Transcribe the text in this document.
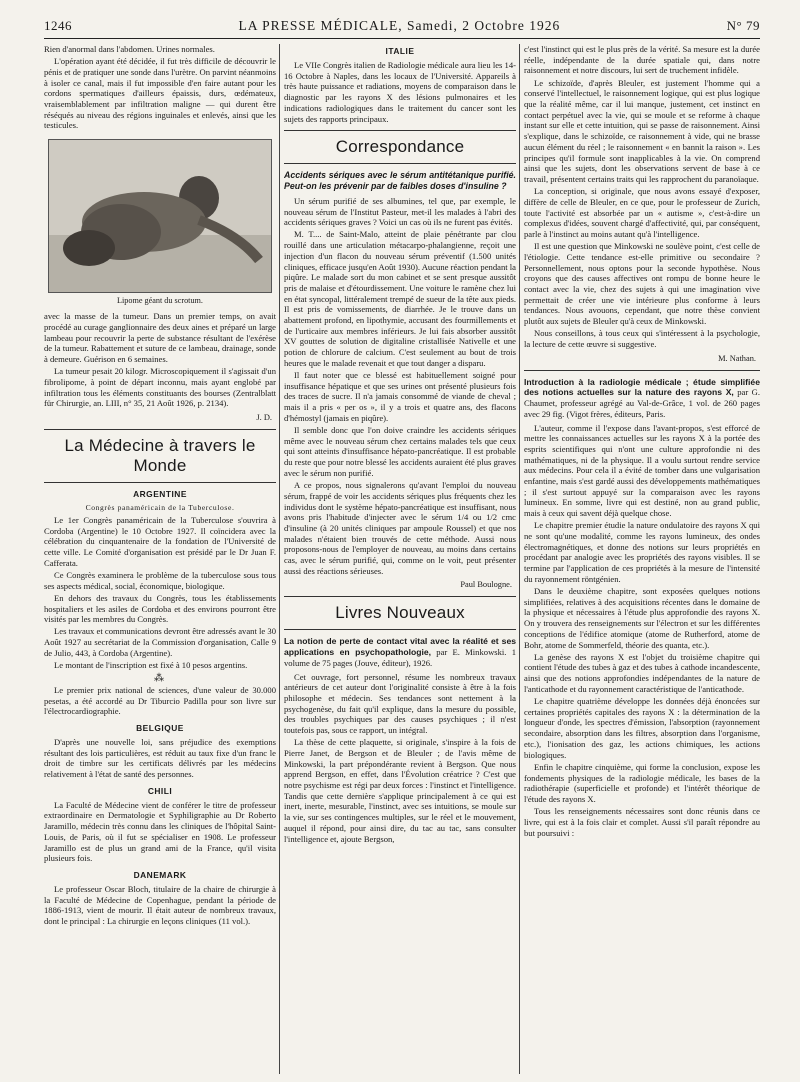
1246	LA PRESSE MÉDICALE, Samedi, 2 Octobre 1926	N° 79

Rien d'anormal dans l'abdomen. Urines normales.

L'opération ayant été décidée, il fut très difficile de découvrir le pénis et de pratiquer une sonde dans l'urètre. On parvint néanmoins à isoler ce canal, mais il fut impossible d'en faire autant pour les cordons spermatiques d'ailleurs épaissis, durs, œdémateux, vraisemblablement par infiltration maligne — qui durent être réséqués au niveau des régions inguinales et enlevés, ainsi que les testicules.

Lipome géant du scrotum.

avec la masse de la tumeur. Dans un premier temps, on avait procédé au curage ganglionnaire des deux aines et préparé un large lambeau pour recouvrir la perte de substance résultant de l'exérèse de la tumeur. Rabattement et suture de ce lambeau, drainage, sonde à demeure. Guérison en 6 semaines.

La tumeur pesait 20 kilogr. Microscopiquement il s'agissait d'un fibrolipome, à point de départ inconnu, mais ayant englobé par infiltration tous les éléments constituants des bourses (Zentralblatt für Chirurgie, an. LIII, n° 35, 21 Août 1926, p. 2134).

J. D.
La Médecine à travers le Monde
ARGENTINE
Congrès panaméricain de la Tuberculose.

Le 1er Congrès panaméricain de la Tuberculose s'ouvrira à Cordoba (Argentine) le 10 Octobre 1927. Il coïncidera avec la célébration du cinquantenaire de la fondation de l'Université de cette ville. Le Comité d'organisation est présidé par le Dr Juan F. Cafferata.

Ce Congrès examinera le problème de la tuberculose sous tous ses aspects médical, social, économique, biologique.

En dehors des travaux du Congrès, tous les établissements hospitaliers et les asiles de Cordoba et des environs pourront être visités par les membres du Congrès.

Les travaux et communications devront être adressés avant le 30 Août 1927 au secrétariat de la Commission d'organisation, Calle 9 de Julio, 443, à Cordoba (Argentine).

Le montant de l'inscription est fixé à 10 pesos argentins.

⁂

Le premier prix national de sciences, d'une valeur de 30.000 pesetas, a été accordé au Dr Tiburcio Padilla pour son livre sur l'électrocardiographie.

BELGIQUE

D'après une nouvelle loi, sans préjudice des exemptions résultant des lois particulières, est réduit au taux fixe d'un franc le droit de timbre sur les certificats délivrés par les médecins relativement à l'état de santé des personnes.

CHILI

La Faculté de Médecine vient de conférer le titre de professeur extraordinaire en Dermatologie et Syphiligraphie au Dr Roberto Jaramillo, médecin très connu dans les cliniques de l'hôpital Saint-Louis, de Paris, où il fut se spécialiser en 1908. Le professeur Jaramillo est de plus un grand ami de la France, qu'il visita plusieurs fois.

DANEMARK

Le professeur Oscar Bloch, titulaire de la chaire de chirurgie à la Faculté de Médecine de Copenhague, pendant la période de 1886-1913, vient de mourir. Il était auteur de nombreux travaux, dont le principal : La chirurgie en leçons cliniques (11 vol.).

ITALIE

Le VIIe Congrès italien de Radiologie médicale aura lieu les 14-16 Octobre à Naples, dans les locaux de l'Université. Appareils à très haute puissance et radiations, moyens de comparaison dans le diagnostic par les rayons X des lésions pulmonaires et les indications radiologiques dans le traitement du cancer sont les sujets des rapports principaux.

Correspondance
Accidents sériques avec le sérum antitétanique purifié. Peut-on les prévenir par de faibles doses d'insuline ?

Un sérum purifié de ses albumines, tel que, par exemple, le nouveau sérum de l'Institut Pasteur, met-il les malades à l'abri des accidents sériques graves ? Voici un cas où ils ne furent pas évités.

M. T.... de Saint-Malo, atteint de plaie pénétrante par clou rouillé dans une articulation métacarpo-phalangienne, reçoit une injection d'un flacon du nouveau sérum préventif (1.500 unités cliniques, efficace jusqu'en Août 1930). Aucune réaction pendant la piqûre. Le malade sort du mon cabinet et se sent presque aussitôt pris de malaise et d'étourdissement. Une voiture le ramène chez lui en état syncopal, littéralement trempé de sueur de la tête aux pieds. Il est pris de vomissements, de diarrhée. Je le trouve dans un abattement profond, en lipothymie, accusant des fourmillements et de l'urticaire aux membres inférieurs. Je lui fais absorber aussitôt XV gouttes de solution de digitaline cristallisée Nativelle et une potion de chlorure de calcium. C'est seulement au bout de trois heures que le malade revenait et que tout danger a disparu.

Il faut noter que ce blessé est habituellement soigné pour insuffisance hépatique et que ses urines ont présenté plusieurs fois des traces de sucre. Il n'a jamais consommé de viande de cheval ; mais il a pris « per os », il y a trois et quatre ans, des flacons d'hémostyl (jamais en piqûre).

Il semble donc que l'on doive craindre les accidents sériques même avec le nouveau sérum chez certains malades tels que ceux qui sont atteints d'insuffisance hépato-pancréatique. Il est probable du reste que pour notre blessé les accidents auraient été plus graves avec le sérum non purifié.

A ce propos, nous signalerons qu'avant l'emploi du nouveau sérum, frappé de voir les accidents sériques plus fréquents chez les individus dont le système hépato-pancréatique est insuffisant, nous avons pris l'habitude d'injecter avec le sérum 1/4 ou 1/2 cmc d'insuline (à 20 unités cliniques par ampoule Roussel) et que nos malades n'étaient bien trouvés de cette méthode. Aussi nous proposons-nous de l'employer de nouveau, au moins dans certains cas, avec le sérum purifié, qui, comme on le voit, peut présenter aussi des réactions sérieuses.

Paul Boulogne.
Livres Nouveaux
La notion de perte de contact vital avec la réalité et ses applications en psychopathologie, par E. Minkowski. 1 volume de 75 pages (Jouve, éditeur), 1926.

Cet ouvrage, fort personnel, résume les nombreux travaux antérieurs de cet auteur dont l'originalité consiste à être à la fois philosophe et médecin. Ses tendances sont nettement à la psychogenèse, du fait qu'il explique, dans la mesure du possible, des troubles psychiques par des causes psychiques ; il n'est toutefois pas, sous ce rapport, un intégral.

La thèse de cette plaquette, si originale, s'inspire à la fois de Pierre Janet, de Bergson et de Bleuler ; de l'avis même de Minkowski, la part prépondérante revient à Bergson. Que nous apprend Bergson, en effet, dans l'Évolution créatrice ? C'est que notre psychisme est régi par deux forces : l'instinct et l'intelligence. Tandis que cette dernière s'applique principalement à ce qui est inert, inerte, mesurable, l'instinct, avec ses intuitions, se moule sur la vie, sur ses contingences multiples, sur le réel et le mouvement, auquel il répond, pour ainsi dire, du tac au tac, sans consulter l'intelligence et, ajoute Bergson,

c'est l'instinct qui est le plus près de la vérité. Sa mesure est la durée réelle, indépendante de la durée spatiale qui, dans notre raisonnement et notre discours, lui sert de truchement infidèle.

Le schizoïde, d'après Bleuler, est justement l'homme qui a conservé l'intellectuel, le raisonnement logique, qui est plus logique que la réalité même, car il lui manque, justement, cet instinct en contact perpétuel avec la vie, qui se moule et se reforme à chaque instant sur elle et cette intuition, qui se passe de raisonnement. Ainsi s'explique, dans le schizoïde, ce raisonnement à vide, qui ne brasse aucun élément du réel ; le raisonnement « en bannit la raison ». Les principes qu'il formule sont inapplicables à la vie. On comprend ainsi que les sujets, dont les observations servent de base à ce travail, présentent certains traits qui les rapprochent du paranoïaque.

La conception, si originale, que nous avons essayé d'exposer, diffère de celle de Bleuler, en ce que, pour le professeur de Zurich, toute l'activité est absorbée par un « autisme », c'est-à-dire un complexus d'idées, souvent chargé d'affectivité, qui, par conséquent, parle à l'instinct au moins autant qu'à l'intelligence.

Il est une question que Minkowski ne soulève point, c'est celle de l'étiologie. Cette tendance est-elle primitive ou secondaire ? Personnellement, nous optons pour la seconde hypothèse. Nous croyons que des causes affectives ont rompu de bonne heure le contact avec la vie, chez des sujets à qui une imagination vive permettait de créer une vie intérieure plus conforme à leurs tendances. Nous avouons, cependant, que notre thèse convient plutôt aux sujets de Bleuler qu'à ceux de Minkowski.

Nous conseillons, à tous ceux qui s'intéressent à la psychologie, la lecture de cette œuvre si suggestive.

M. Nathan.
Introduction à la radiologie médicale ; étude simplifiée des notions actuelles sur la nature des rayons X, par G. Chaumet, professeur agrégé au Val-de-Grâce, 1 vol. de 260 pages avec 29 fig. (Vigot frères, éditeurs, Paris.

L'auteur, comme il l'expose dans l'avant-propos, s'est efforcé de mettre les connaissances actuelles sur les rayons X à la portée des esprits scientifiques qui n'ont une culture approfondie ni des mathématiques, ni de la physique. Il a voulu surtout rendre service aux médecins. Pour cela il a évité de tomber dans une vulgarisation enfantine, mais s'est gardé aussi des développements mathématiques ; il s'est surtout appuyé sur la comparaison avec les rayons lumineux. En somme, livre qui est destiné, non au grand public, mais à ceux qui savent déjà quelque chose.

Le chapitre premier étudie la nature ondulatoire des rayons X qui ne sont qu'une modalité, comme les rayons lumineux, des ondes électromagnétiques, et donne des notions sur leurs propriétés en procédant par analogie avec les propriétés des rayons visibles. Il se termine par l'application de ces propriétés à la mesure de l'intensité du rayonnement röntgénien.

Dans le deuxième chapitre, sont exposées quelques notions simplifiées, relatives à des acquisitions récentes dans le domaine de la physique et nécessaires à l'étude plus approfondie des rayons X. On y trouvera des renseignements sur l'électron et sur les différentes conceptions de l'édifice atomique (atome de Rutherford, atome de Bohr, atome de Sommerfeld, théorie des quanta, etc.).

La genèse des rayons X est l'objet du troisième chapitre qui contient l'étude des tubes à gaz et des tubes à cathode incandescente, ainsi que des notions approfondies indépendantes de la nature de l'anticathode et du rayonnement caractéristique de l'anticathode.

Le chapitre quatrième développe les données déjà énoncées sur certaines propriétés capitales des rayons X : la détermination de la longueur d'onde, les spectres d'émission, l'absorption (rayonnement secondaire, absorption dans les filtres, absorption dans l'organisme, etc.), l'ionisation des gaz, les actions chimiques, les actions biologiques.

Enfin le chapitre cinquième, qui forme la conclusion, expose les fondements physiques de la radiologie médicale, les bases de la radiothérapie (superficielle et profonde) et l'intérêt théorique de l'étude des rayons X.

Tous les renseignements nécessaires sont donc réunis dans ce livre, qui est à la fois clair et complet. Aussi s'il paraît répondre au but poursuivi :
